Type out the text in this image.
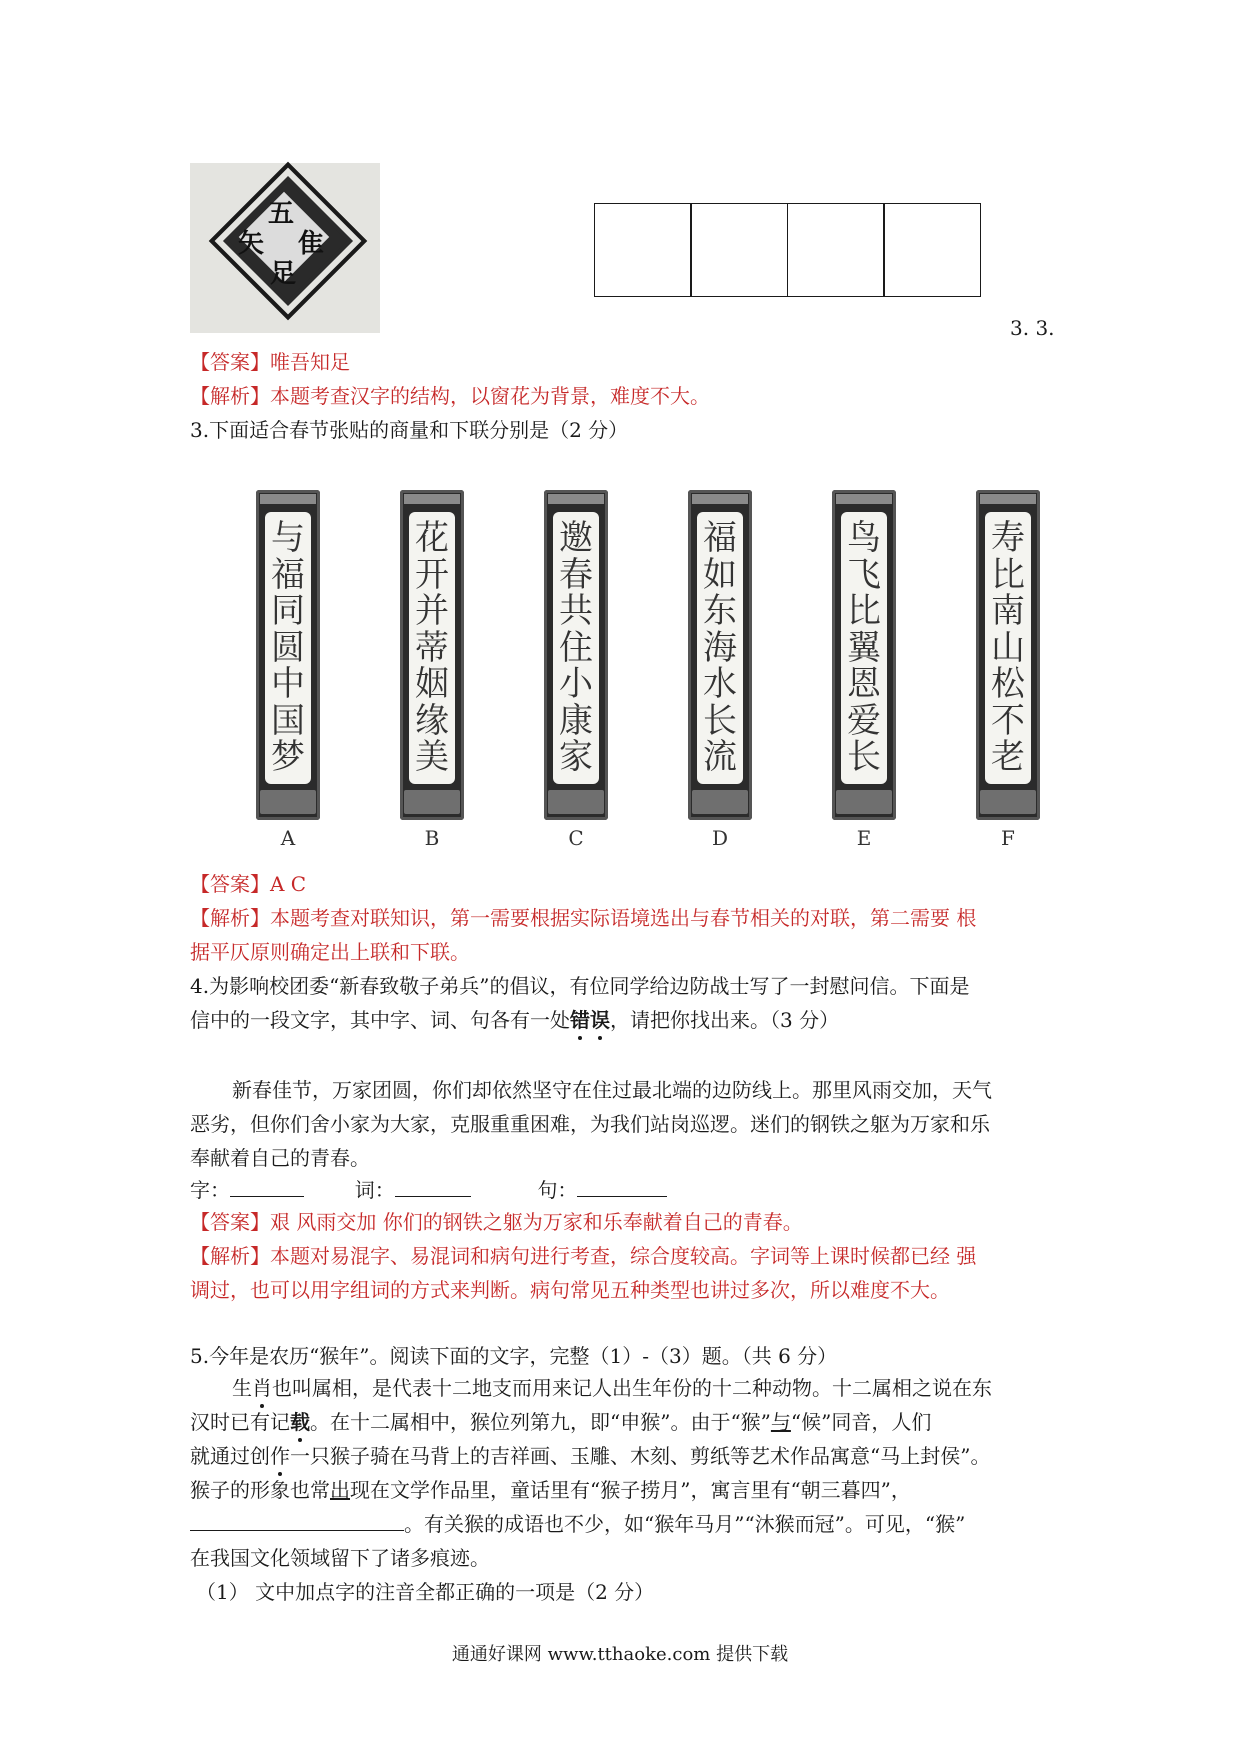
五
隹
矢
足
3. 3.
【答案】唯吾知足
【解析】本题考查汉字的结构，以窗花为背景，难度不大。
3.下面适合春节张贴的商量和下联分别是（2 分）
与
福
同
圆
中
国
梦
A
花
开
并
蒂
姻
缘
美
B
邀
春
共
住
小
康
家
C
福
如
东
海
水
长
流
D
鸟
飞
比
翼
恩
爱
长
E
寿
比
南
山
松
不
老
F
【答案】A C
【解析】本题考查对联知识，第一需要根据实际语境选出与春节相关的对联，第二需要 根
据平仄原则确定出上联和下联。
4.为影响校团委“新春致敬子弟兵”的倡议，有位同学给边防战士写了一封慰问信。下面是
信中的一段文字，其中字、词、句各有一处错误，请把你找出来。（3 分）
新春佳节，万家团圆，你们却依然坚守在住过最北端的边防线上。那里风雨交加，天气
恶劣，但你们舍小家为大家，克服重重困难，为我们站岗巡逻。迷们的钢铁之躯为万家和乐
奉献着自己的青春。
字：	词：	句：
【答案】艰 风雨交加 你们的钢铁之躯为万家和乐奉献着自己的青春。
【解析】本题对易混字、易混词和病句进行考查，综合度较高。字词等上课时候都已经 强
调过，也可以用字组词的方式来判断。病句常见五种类型也讲过多次，所以难度不大。
5.今年是农历“猴年”。阅读下面的文字，完整（1）-（3）题。（共 6 分）
生肖也叫属相，是代表十二地支而用来记人出生年份的十二种动物。十二属相之说在东
汉时已有记载。在十二属相中，猴位列第九，即“申猴”。由于“猴”与“候”同音，人们
就通过创作一只猴子骑在马背上的吉祥画、玉雕、木刻、剪纸等艺术作品寓意“马上封侯”。
猴子的形象也常出现在文学作品里，童话里有“猴子捞月”，寓言里有“朝三暮四”，
。有关猴的成语也不少，如“猴年马月”“沐猴而冠”。可见，“猴”
在我国文化领域留下了诸多痕迹。
（1） 文中加点字的注音全都正确的一项是（2 分）
通通好课网 www.tthaoke.com 提供下载
